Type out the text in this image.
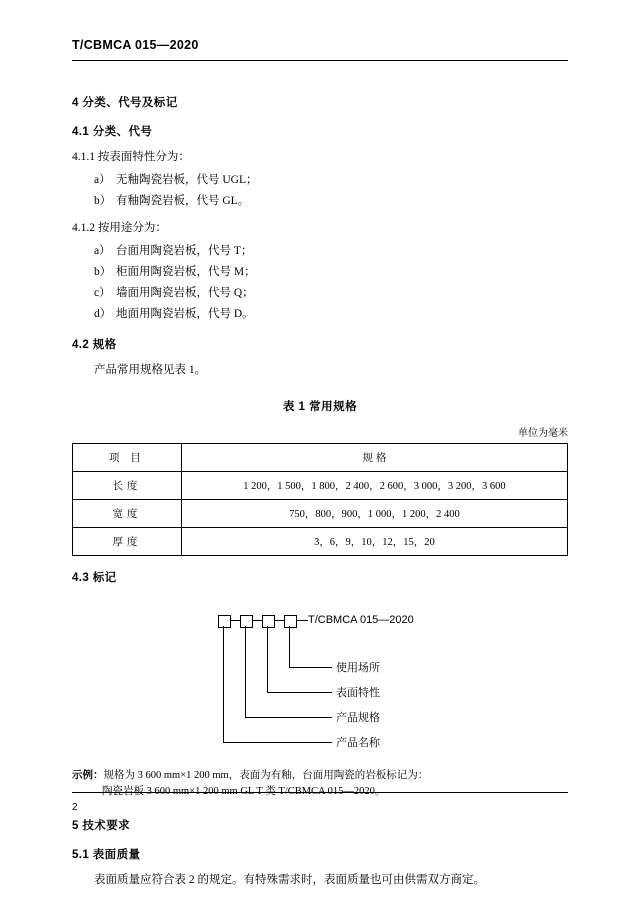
T/CBMCA 015—2020
4 分类、代号及标记
4.1 分类、代号
4.1.1 按表面特性分为：
a） 无釉陶瓷岩板，代号 UGL；
b） 有釉陶瓷岩板，代号 GL。
4.1.2 按用途分为：
a） 台面用陶瓷岩板，代号 T；
b） 柜面用陶瓷岩板，代号 M；
c） 墙面用陶瓷岩板，代号 Q；
d） 地面用陶瓷岩板，代号 D。
4.2 规格
产品常用规格见表 1。
表 1 常用规格
单位为毫米
项 目	规 格
长度	1 200，1 500，1 800，2 400，2 600，3 000，3 200，3 600
宽度	750，800，900，1 000，1 200，2 400
厚度	3，6，9，10，12，15，20
4.3 标记
T/CBMCA 015—2020
使用场所
表面特性
产品规格
产品名称
示例：规格为 3 600 mm×1 200 mm，表面为有釉，台面用陶瓷的岩板标记为：
陶瓷岩板 3 600 mm×1 200 mm GL T 类 T/CBMCA 015—2020。
5 技术要求
5.1 表面质量
表面质量应符合表 2 的规定。有特殊需求时，表面质量也可由供需双方商定。
2
